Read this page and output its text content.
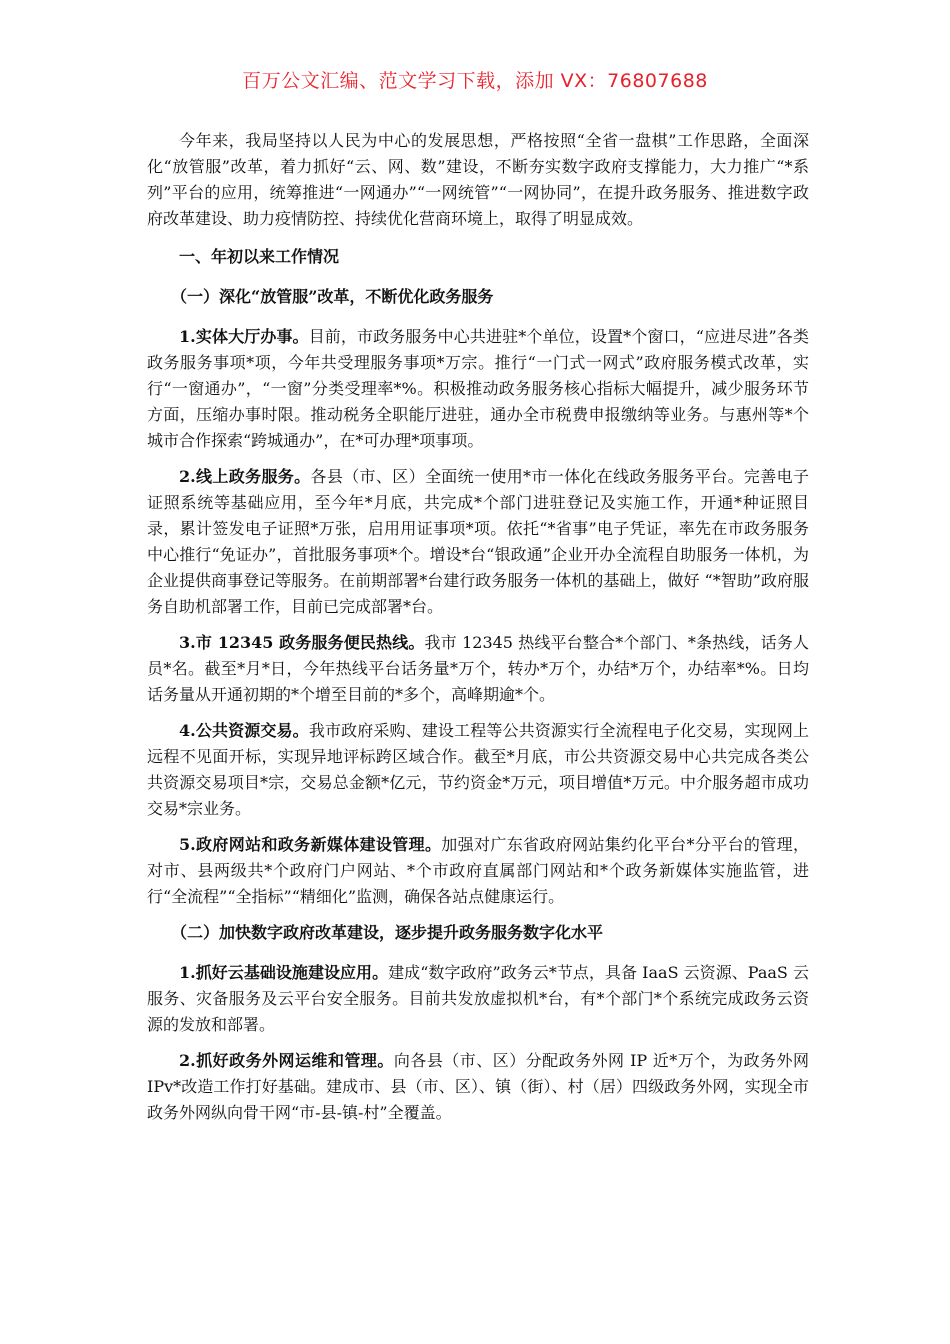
百万公文汇编、范文学习下载，添加 VX：76807688

今年来，我局坚持以人民为中心的发展思想，严格按照“全省一盘棋”工作思路，全面深化“放管服”改革，着力抓好“云、网、数”建设，不断夯实数字政府支撑能力，大力推广“*系列”平台的应用，统筹推进“一网通办”“一网统管”“一网协同”，在提升政务服务、推进数字政府改革建设、助力疫情防控、持续优化营商环境上，取得了明显成效。

一、年初以来工作情况

（一）深化“放管服”改革，不断优化政务服务

1.实体大厅办事。目前，市政务服务中心共进驻*个单位，设置*个窗口，“应进尽进”各类政务服务事项*项，今年共受理服务事项*万宗。推行“一门式一网式”政府服务模式改革，实行“一窗通办”，“一窗”分类受理率*%。积极推动政务服务核心指标大幅提升，减少服务环节方面，压缩办事时限。推动税务全职能厅进驻，通办全市税费申报缴纳等业务。与惠州等*个城市合作探索“跨城通办”，在*可办理*项事项。

2.线上政务服务。各县（市、区）全面统一使用*市一体化在线政务服务平台。完善电子证照系统等基础应用，至今年*月底，共完成*个部门进驻登记及实施工作，开通*种证照目录，累计签发电子证照*万张，启用用证事项*项。依托“*省事”电子凭证，率先在市政务服务中心推行“免证办”，首批服务事项*个。增设*台“银政通”企业开办全流程自助服务一体机，为企业提供商事登记等服务。在前期部署*台建行政务服务一体机的基础上，做好 “*智助”政府服务自助机部署工作，目前已完成部署*台。

3.市 12345 政务服务便民热线。我市 12345 热线平台整合*个部门、*条热线，话务人员*名。截至*月*日，今年热线平台话务量*万个，转办*万个，办结*万个，办结率*%。日均话务量从开通初期的*个增至目前的*多个，高峰期逾*个。

4.公共资源交易。我市政府采购、建设工程等公共资源实行全流程电子化交易，实现网上远程不见面开标，实现异地评标跨区域合作。截至*月底，市公共资源交易中心共完成各类公共资源交易项目*宗，交易总金额*亿元，节约资金*万元，项目增值*万元。中介服务超市成功交易*宗业务。

5.政府网站和政务新媒体建设管理。加强对广东省政府网站集约化平台*分平台的管理，对市、县两级共*个政府门户网站、*个市政府直属部门网站和*个政务新媒体实施监管，进行“全流程”“全指标”“精细化”监测，确保各站点健康运行。

（二）加快数字政府改革建设，逐步提升政务服务数字化水平

1.抓好云基础设施建设应用。建成“数字政府”政务云*节点，具备 IaaS 云资源、PaaS 云服务、灾备服务及云平台安全服务。目前共发放虚拟机*台，有*个部门*个系统完成政务云资源的发放和部署。

2.抓好政务外网运维和管理。向各县（市、区）分配政务外网 IP 近*万个，为政务外网 IPv*改造工作打好基础。建成市、县（市、区）、镇（街）、村（居）四级政务外网，实现全市政务外网纵向骨干网“市-县-镇-村”全覆盖。
